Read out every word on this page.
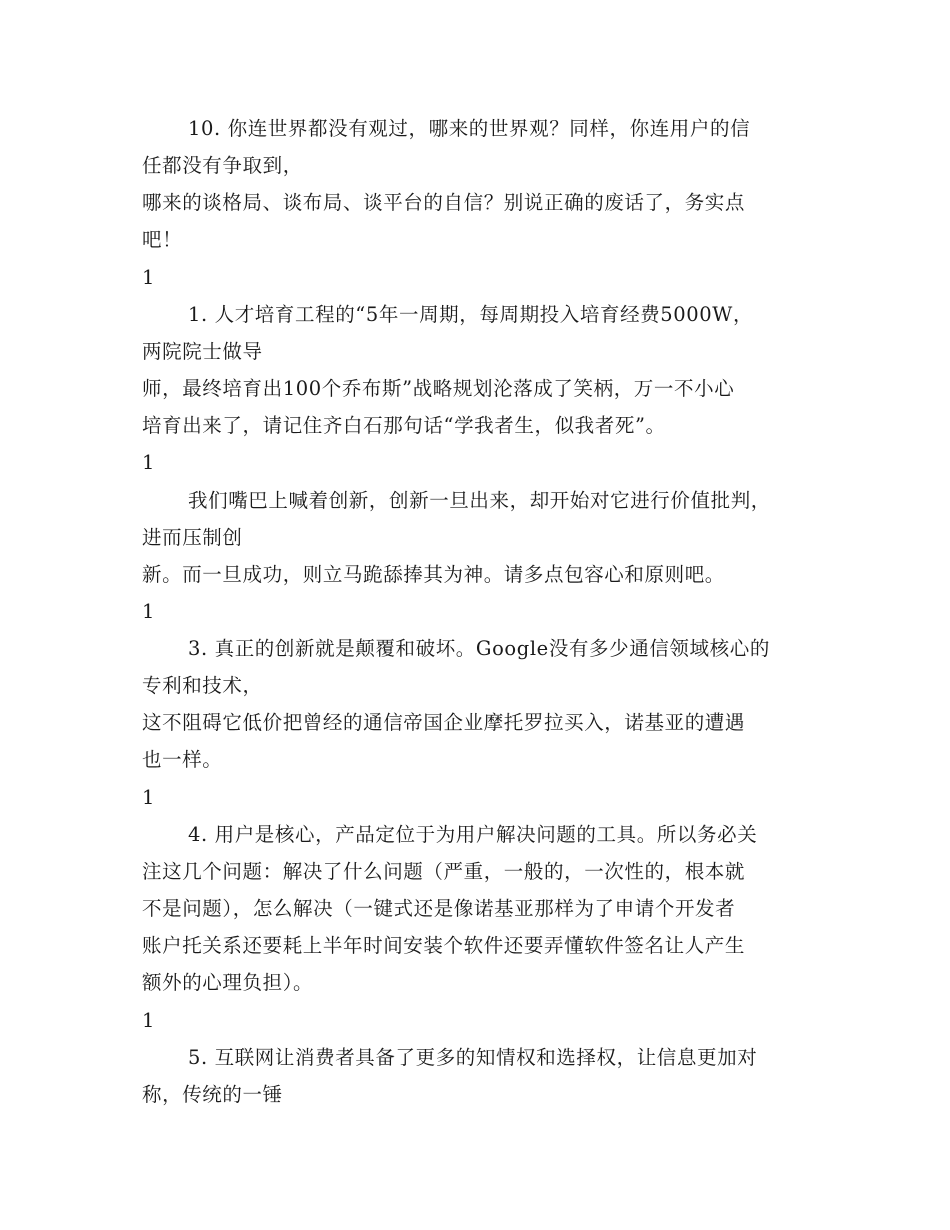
10. 你连世界都没有观过，哪来的世界观？同样，你连用户的信
任都没有争取到，
哪来的谈格局、谈布局、谈平台的自信？别说正确的废话了，务实点
吧！
1
1. 人才培育工程的“5年一周期，每周期投入培育经费5000W，
两院院士做导
师，最终培育出100个乔布斯”战略规划沦落成了笑柄，万一不小心
培育出来了，请记住齐白石那句话“学我者生，似我者死”。
1
我们嘴巴上喊着创新，创新一旦出来，却开始对它进行价值批判，
进而压制创
新。而一旦成功，则立马跪舔捧其为神。请多点包容心和原则吧。
1
3. 真正的创新就是颠覆和破坏。Google没有多少通信领域核心的
专利和技术，
这不阻碍它低价把曾经的通信帝国企业摩托罗拉买入，诺基亚的遭遇
也一样。
1
4. 用户是核心，产品定位于为用户解决问题的工具。所以务必关
注这几个问题：解决了什么问题（严重，一般的，一次性的，根本就
不是问题），怎么解决（一键式还是像诺基亚那样为了申请个开发者
账户托关系还要耗上半年时间安装个软件还要弄懂软件签名让人产生
额外的心理负担）。
1
5. 互联网让消费者具备了更多的知情权和选择权，让信息更加对
称，传统的一锤
